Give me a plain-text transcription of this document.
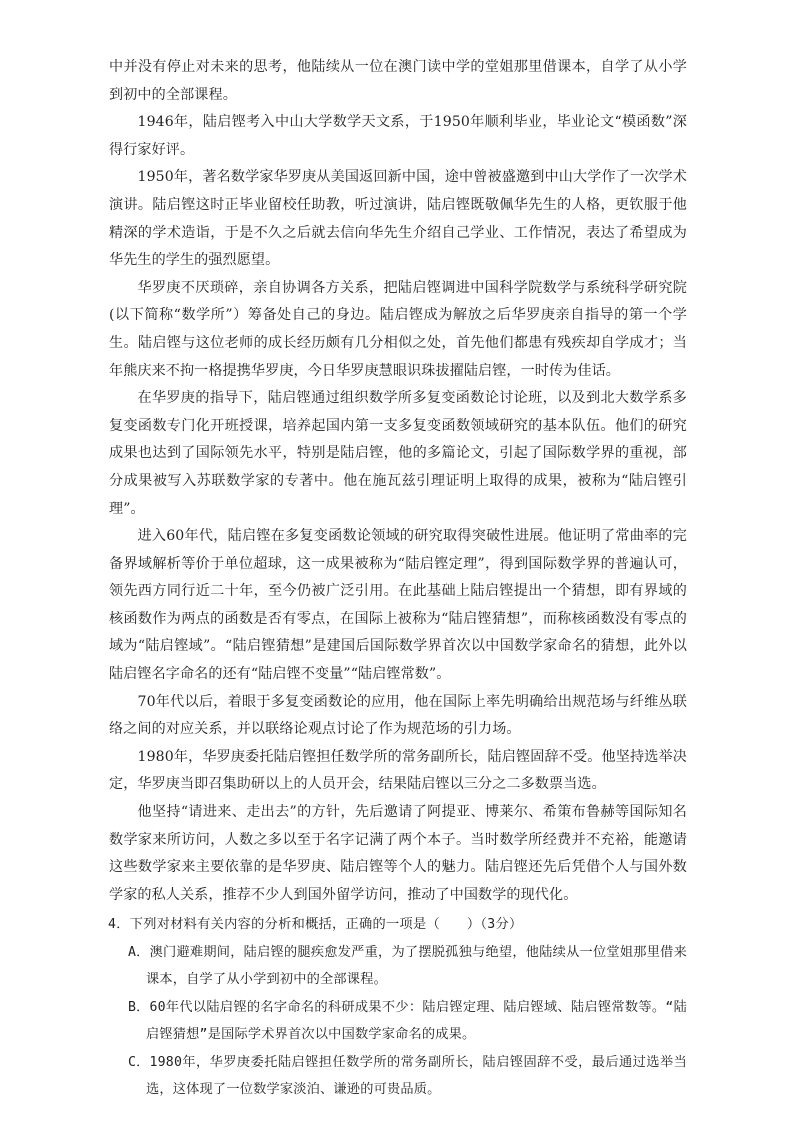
中并没有停止对未来的思考，他陆续从一位在澳门读中学的堂姐那里借课本，自学了从小学到初中的全部课程。

1946年，陆启铿考入中山大学数学天文系，于1950年顺利毕业，毕业论文“模函数”深得行家好评。

1950年，著名数学家华罗庚从美国返回新中国，途中曾被盛邀到中山大学作了一次学术演讲。陆启铿这时正毕业留校任助教，听过演讲，陆启铿既敬佩华先生的人格，更钦服于他精深的学术造诣，于是不久之后就去信向华先生介绍自己学业、工作情况，表达了希望成为华先生的学生的强烈愿望。

华罗庚不厌琐碎，亲自协调各方关系，把陆启铿调进中国科学院数学与系统科学研究院(以下简称“数学所”）筹备处自己的身边。陆启铿成为解放之后华罗庚亲自指导的第一个学生。陆启铿与这位老师的成长经历颇有几分相似之处，首先他们都患有残疾却自学成才；当年熊庆来不拘一格提携华罗庚，今日华罗庚慧眼识珠拔擢陆启铿，一时传为佳话。

在华罗庚的指导下，陆启铿通过组织数学所多复变函数论讨论班，以及到北大数学系多复变函数专门化开班授课，培养起国内第一支多复变函数领域研究的基本队伍。他们的研究成果也达到了国际领先水平，特别是陆启铿，他的多篇论文，引起了国际数学界的重视，部分成果被写入苏联数学家的专著中。他在施瓦兹引理证明上取得的成果，被称为“陆启铿引理”。

进入60年代，陆启铿在多复变函数论领域的研究取得突破性进展。他证明了常曲率的完备界域解析等价于单位超球，这一成果被称为“陆启铿定理”，得到国际数学界的普遍认可，领先西方同行近二十年，至今仍被广泛引用。在此基础上陆启铿提出一个猜想，即有界域的核函数作为两点的函数是否有零点，在国际上被称为“陆启铿猜想”，而称核函数没有零点的域为“陆启铿域”。“陆启铿猜想”是建国后国际数学界首次以中国数学家命名的猜想，此外以陆启铿名字命名的还有“陆启铿不变量”“陆启铿常数”。

70年代以后，着眼于多复变函数论的应用，他在国际上率先明确给出规范场与纤维丛联络之间的对应关系，并以联络论观点讨论了作为规范场的引力场。

1980年，华罗庚委托陆启铿担任数学所的常务副所长，陆启铿固辞不受。他坚持选举决定，华罗庚当即召集助研以上的人员开会，结果陆启铿以三分之二多数票当选。

他坚持“请进来、走出去”的方针，先后邀请了阿提亚、博莱尔、希策布鲁赫等国际知名数学家来所访问，人数之多以至于名字记满了两个本子。当时数学所经费并不充裕，能邀请这些数学家来主要依靠的是华罗庚、陆启铿等个人的魅力。陆启铿还先后凭借个人与国外数学家的私人关系，推荐不少人到国外留学访问，推动了中国数学的现代化。

4．下列对材料有关内容的分析和概括，正确的一项是（　　）（3分）

A．澳门避难期间，陆启铿的腿疾愈发严重，为了摆脱孤独与绝望，他陆续从一位堂姐那里借来课本，自学了从小学到初中的全部课程。

B．60年代以陆启铿的名字命名的科研成果不少：陆启铿定理、陆启铿域、陆启铿常数等。“陆启铿猜想”是国际学术界首次以中国数学家命名的成果。

C．1980年，华罗庚委托陆启铿担任数学所的常务副所长，陆启铿固辞不受，最后通过选举当选，这体现了一位数学家淡泊、谦逊的可贵品质。
